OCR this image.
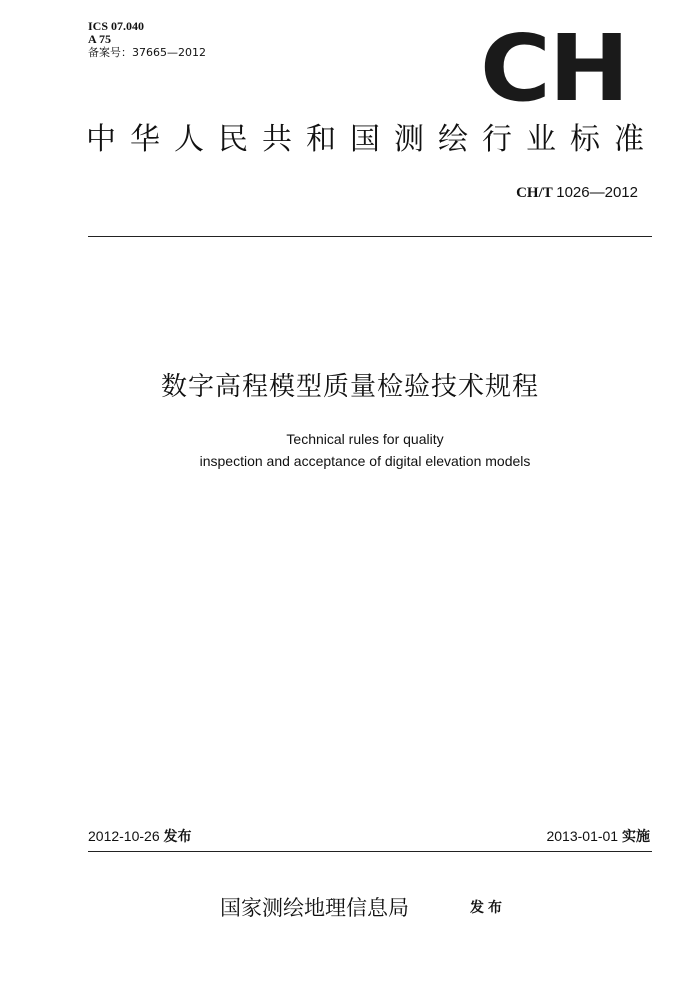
ICS 07.040
A 75
备案号：37665—2012	CH
中华人民共和国测绘行业标准
CH/T 1026—2012
数字高程模型质量检验技术规程
Technical rules for quality
inspection and acceptance of digital elevation models
2012-10-26 发布	2013-01-01 实施
国家测绘地理信息局	发布
